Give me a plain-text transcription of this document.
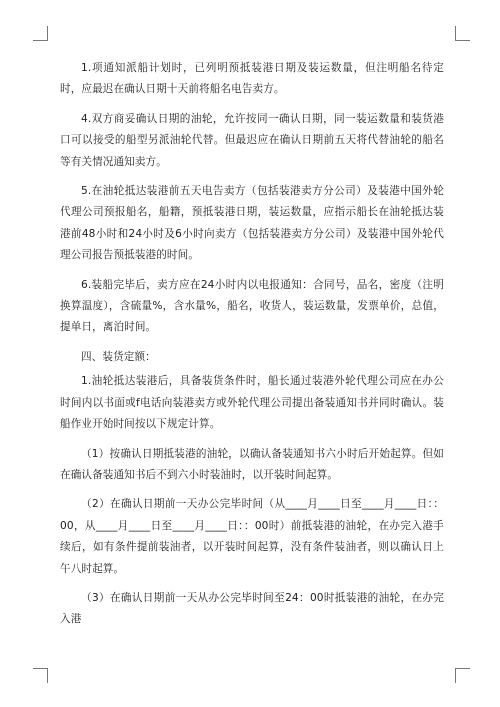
1.项通知派船计划时，已列明预抵装港日期及装运数量，但注明船名待定时，应最迟在确认日期十天前将船名电告卖方。

4.双方商妥确认日期的油轮，允许按同一确认日期，同一装运数量和装货港口可以接受的船型另派油轮代替。但最迟应在确认日期前五天将代替油轮的船名等有关情况通知卖方。

5.在油轮抵达装港前五天电告卖方（包括装港卖方分公司）及装港中国外轮代理公司预报船名，船籍，预抵装港日期，装运数量，应指示船长在油轮抵达装港前48小时和24小时及6小时向卖方（包括装港卖方分公司）及装港中国外轮代理公司报告预抵装港的时间。

6.装船完毕后，卖方应在24小时内以电报通知：合同号，品名，密度（注明换算温度），含硫量%，含水量%，船名，收货人，装运数量，发票单价，总值，提单日，离泊时间。

四、装货定额：

1.油轮抵达装港后，具备装货条件时，船长通过装港外轮代理公司应在办公时间内以书面或f电话向装港卖方或外轮代理公司提出备装通知书并同时确认。装船作业开始时间按以下规定计算。

（1）按确认日期抵装港的油轮，以确认备装通知书六小时后开始起算。但如在确认备装通知书后不到六小时装油时，以开装时间起算。

（2）在确认日期前一天办公完毕时间（从____月____日至____月____日：：00，从____月____日至____月____日：：00时）前抵装港的油轮，在办完入港手续后，如有条件提前装油者，以开装时间起算，没有条件装油者，则以确认日上午八时起算。

（3）在确认日期前一天从办公完毕时间至24：00时抵装港的油轮，在办完入港
